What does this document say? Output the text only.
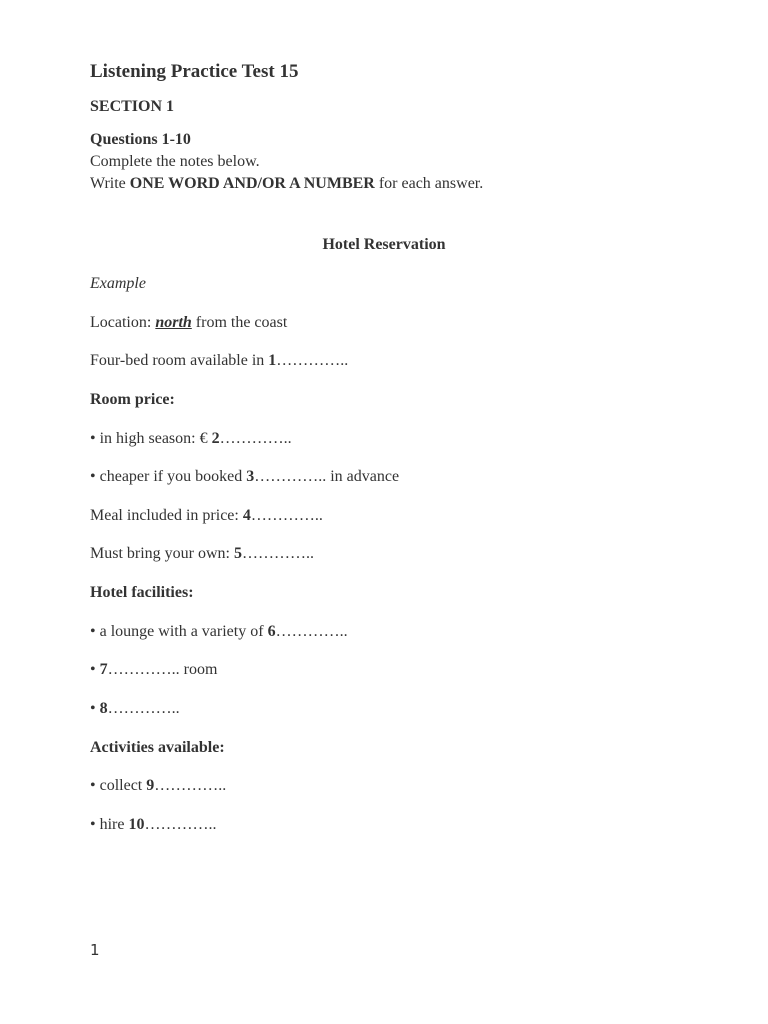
Listening Practice Test 15
SECTION 1
Questions 1-10
Complete the notes below.
Write ONE WORD AND/OR A NUMBER for each answer.
Hotel Reservation
Example
Location: north from the coast
Four-bed room available in 1…………..
Room price:
• in high season: € 2…………..
• cheaper if you booked 3………….. in advance
Meal included in price: 4…………..
Must bring your own: 5…………..
Hotel facilities:
• a lounge with a variety of 6…………..
• 7………….. room
• 8…………..
Activities available:
• collect 9…………..
• hire 10…………..
1
